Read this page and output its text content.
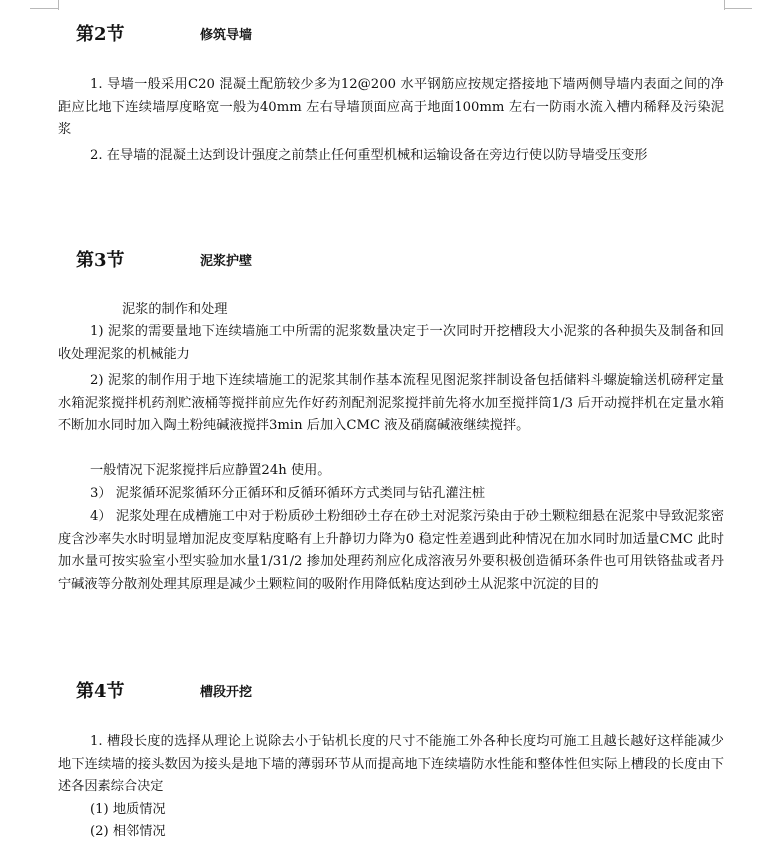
第2节	修筑导墙

1. 导墙一般采用C20 混凝土配筋较少多为12@200 水平钢筋应按规定搭接地下墙两侧导墙内表面之间的净距应比地下连续墙厚度略宽一般为40mm 左右导墙顶面应高于地面100mm 左右一防雨水流入槽内稀释及污染泥浆

2. 在导墙的混凝土达到设计强度之前禁止任何重型机械和运输设备在旁边行使以防导墙受压变形

第3节	泥浆护壁
泥浆的制作和处理

1) 泥浆的需要量地下连续墙施工中所需的泥浆数量决定于一次同时开挖槽段大小泥浆的各种损失及制备和回收处理泥浆的机械能力

2) 泥浆的制作用于地下连续墙施工的泥浆其制作基本流程见图泥浆拌制设备包括储料斗螺旋输送机磅秤定量水箱泥浆搅拌机药剂贮液桶等搅拌前应先作好药剂配剂泥浆搅拌前先将水加至搅拌筒1/3 后开动搅拌机在定量水箱不断加水同时加入陶土粉纯碱液搅拌3min 后加入CMC 液及硝腐碱液继续搅拌。

一般情况下泥浆搅拌后应静置24h 使用。

3） 泥浆循环泥浆循环分正循环和反循环循环方式类同与钻孔灌注桩

4） 泥浆处理在成槽施工中对于粉质砂土粉细砂土存在砂土对泥浆污染由于砂土颗粒细悬在泥浆中导致泥浆密度含沙率失水时明显增加泥皮变厚粘度略有上升静切力降为0 稳定性差遇到此种情况在加水同时加适量CMC 此时加水量可按实验室小型实验加水量1/31/2 掺加处理药剂应化成溶液另外要积极创造循环条件也可用铁铬盐或者丹宁碱液等分散剂处理其原理是减少土颗粒间的吸附作用降低粘度达到砂土从泥浆中沉淀的目的

第4节	槽段开挖

1. 槽段长度的选择从理论上说除去小于钻机长度的尺寸不能施工外各种长度均可施工且越长越好这样能减少地下连续墙的接头数因为接头是地下墙的薄弱环节从而提高地下连续墙防水性能和整体性但实际上槽段的长度由下述各因素综合决定

(1) 地质情况
(2) 相邻情况
